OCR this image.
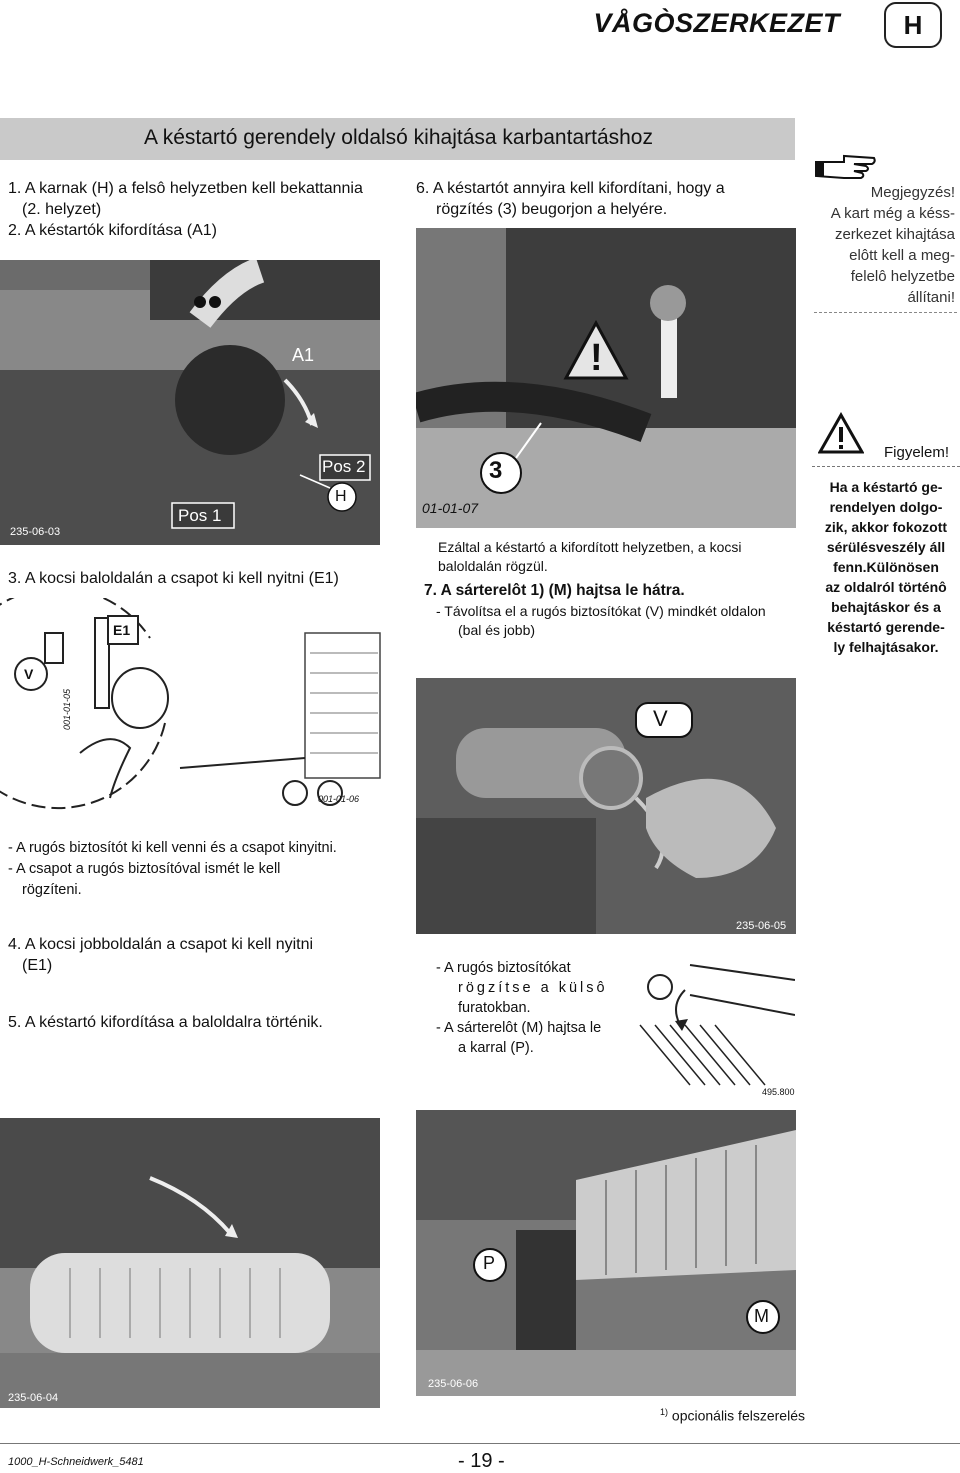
VÅGÒSZERKEZET	H
A késtartó gerendely oldalsó kihajtása karbantartáshoz
1. A karnak (H) a felsô helyzetben kell bekattannia
(2. helyzet)
2. A késtartók kifordítása (A1)
6. A késtartót annyira kell kifordítani, hogy a
rögzítés (3) beugorjon a helyére.
Megjegyzés!
A kart még a késs-
zerkezet kihajtása
elôtt kell a meg-
felelô helyzetbe
állítani!
A1
Pos 2
Pos 1
H
235-06-03
!
3
01-01-07
3. A kocsi baloldalán a csapot ki kell nyitni (E1)
Ezáltal a késtartó a kifordított helyzetben, a kocsi
baloldalán rögzül.
7. A sárterelôt 1) (M) hajtsa le hátra.
- Távolítsa el a rugós biztosítókat (V) mindkét oldalon
(bal és jobb)
Figyelem!
Ha a késtartó ge-
rendelyen dolgo-
zik, akkor fokozott
sérülésveszély áll
fenn.Különösen
az oldalról történô
behajtáskor és a
késtartó gerende-
ly felhajtásakor.
V
E1
001-01-05
001-01-06
V
235-06-05
- A rugós biztosítót ki kell venni és a csapot kinyitni.
- A csapot a rugós biztosítóval ismét le kell
rögzíteni.
4. A kocsi jobboldalán a csapot ki kell nyitni
(E1)
5. A késtartó kifordítása a baloldalra történik.
- A rugós biztosítókat
rögzítse a külsô
furatokban.
- A sárterelôt (M) hajtsa le
a karral (P).
495.800
235-06-04
P
M
235-06-06
$^{1)}$ opcionális felszerelés
1000_H-Schneidwerk_5481	- 19 -
